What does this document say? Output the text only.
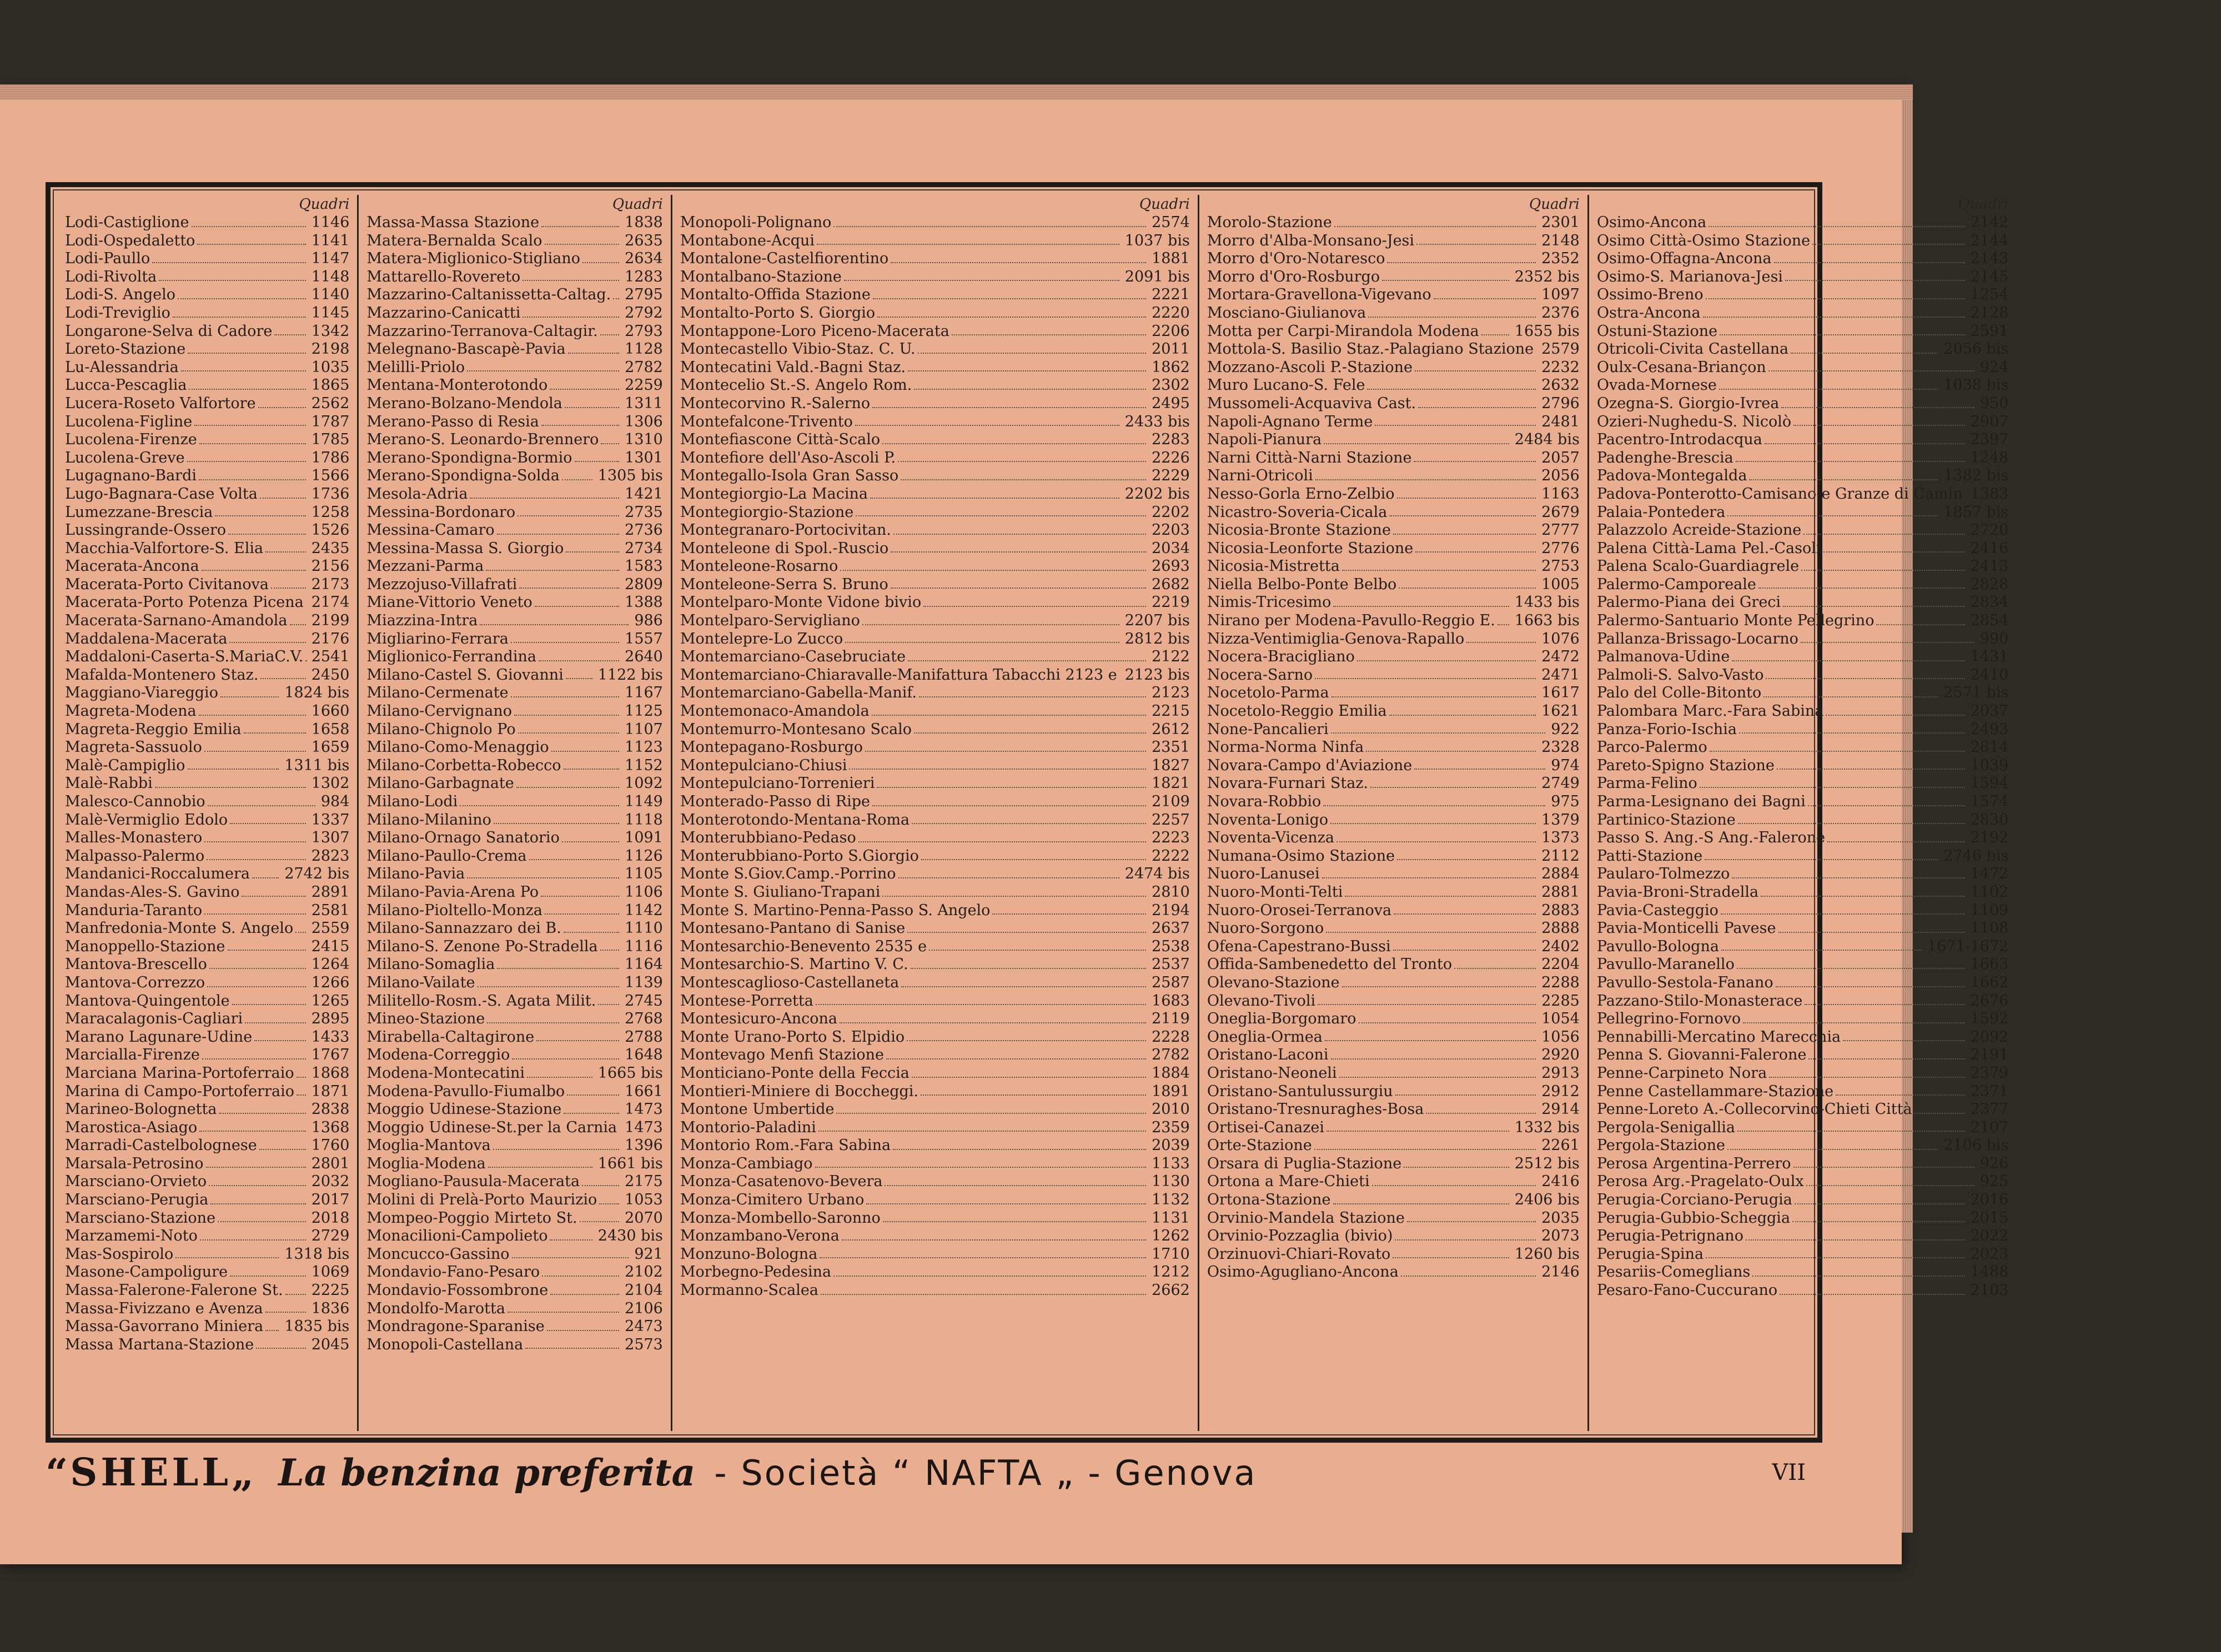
Quadri
Lodi-Castiglione	1146
Lodi-Ospedaletto	1141
Lodi-Paullo	1147
Lodi-Rivolta	1148
Lodi-S. Angelo	1140
Lodi-Treviglio	1145
Longarone-Selva di Cadore	1342
Loreto-Stazione	2198
Lu-Alessandria	1035
Lucca-Pescaglia	1865
Lucera-Roseto Valfortore	2562
Lucolena-Figline	1787
Lucolena-Firenze	1785
Lucolena-Greve	1786
Lugagnano-Bardi	1566
Lugo-Bagnara-Case Volta	1736
Lumezzane-Brescia	1258
Lussingrande-Ossero	1526
Macchia-Valfortore-S. Elia	2435
Macerata-Ancona	2156
Macerata-Porto Civitanova	2173
Macerata-Porto Potenza Picena 2174
Macerata-Sarnano-Amandola 2199
Maddalena-Macerata	2176
Maddaloni-Caserta-S.MariaC.V. 2541
Mafalda-Montenero Staz.	2450
Maggiano-Viareggio	1824 bis
Magreta-Modena	1660
Magreta-Reggio Emilia	1658
Magreta-Sassuolo	1659
Malè-Campiglio	1311 bis
Malè-Rabbi	1302
Malesco-Cannobio	984
Malè-Vermiglio Edolo	1337
Malles-Monastero	1307
Malpasso-Palermo	2823
Mandanici-Roccalumera 2742 bis
Mandas-Ales-S. Gavino	2891
Manduria-Taranto	2581
Manfredonia-Monte S. Angelo 2559
Manoppello-Stazione	2415
Mantova-Brescello	1264
Mantova-Correzzo	1266
Mantova-Quingentole	1265
Maracalagonis-Cagliari	2895
Marano Lagunare-Udine	1433
Marcialla-Firenze	1767
Marciana Marina-Portoferraio 1868
Marina di Campo-Portoferraio 1871
Marineo-Bolognetta	2838
Marostica-Asiago	1368
Marradi-Castelbolognese	1760
Marsala-Petrosino	2801
Marsciano-Orvieto	2032
Marsciano-Perugia	2017
Marsciano-Stazione	2018
Marzamemi-Noto	2729
Mas-Sospirolo	1318 bis
Masone-Campoligure	1069
Massa-Falerone-Falerone St. 2225
Massa-Fivizzano e Avenza	1836
Massa-Gavorrano Miniera 1835 bis
Massa Martana-Stazione	2045
Quadri
Massa-Massa Stazione	1838
Matera-Bernalda Scalo	2635
Matera-Miglionico-Stigliano	2634
Mattarello-Rovereto	1283
Mazzarino-Caltanissetta-Caltag. 2795
Mazzarino-Canicatti	2792
Mazzarino-Terranova-Caltagir. 2793
Melegnano-Bascapè-Pavia	1128
Melilli-Priolo	2782
Mentana-Monterotondo	2259
Merano-Bolzano-Mendola	1311
Merano-Passo di Resia	1306
Merano-S. Leonardo-Brennero 1310
Merano-Spondigna-Bormio	1301
Merano-Spondigna-Solda	1305 bis
Mesola-Adria	1421
Messina-Bordonaro	2735
Messina-Camaro	2736
Messina-Massa S. Giorgio	2734
Mezzani-Parma	1583
Mezzojuso-Villafrati	2809
Miane-Vittorio Veneto	1388
Miazzina-Intra	986
Migliarino-Ferrara	1557
Miglionico-Ferrandina	2640
Milano-Castel S. Giovanni 1122 bis
Milano-Cermenate	1167
Milano-Cervignano	1125
Milano-Chignolo Po	1107
Milano-Como-Menaggio	1123
Milano-Corbetta-Robecco	1152
Milano-Garbagnate	1092
Milano-Lodi	1149
Milano-Milanino	1118
Milano-Ornago Sanatorio	1091
Milano-Paullo-Crema	1126
Milano-Pavia	1105
Milano-Pavia-Arena Po	1106
Milano-Pioltello-Monza	1142
Milano-Sannazzaro dei B.	1110
Milano-S. Zenone Po-Stradella 1116
Milano-Somaglia	1164
Milano-Vailate	1139
Militello-Rosm.-S. Agata Milit. 2745
Mineo-Stazione	2768
Mirabella-Caltagirone	2788
Modena-Correggio	1648
Modena-Montecatini	1665 bis
Modena-Pavullo-Fiumalbo	1661
Moggio Udinese-Stazione	1473
Moggio Udinese-St.per la Carnia 1473
Moglia-Mantova	1396
Moglia-Modena	1661 bis
Mogliano-Pausula-Macerata	2175
Molini di Prelà-Porto Maurizio 1053
Mompeo-Poggio Mirteto St.	2070
Monacilioni-Campolieto	2430 bis
Moncucco-Gassino	921
Mondavio-Fano-Pesaro	2102
Mondavio-Fossombrone	2104
Mondolfo-Marotta	2106
Mondragone-Sparanise	2473
Monopoli-Castellana	2573
Quadri
Monopoli-Polignano	2574
Montabone-Acqui	1037 bis
Montalone-Castelfiorentino	1881
Montalbano-Stazione	2091 bis
Montalto-Offida Stazione	2221
Montalto-Porto S. Giorgio	2220
Montappone-Loro Piceno-Macerata	2206
Montecastello Vibio-Staz. C. U.	2011
Montecatini Vald.-Bagni Staz.	1862
Montecelio St.-S. Angelo Rom.	2302
Montecorvino R.-Salerno	2495
Montefalcone-Trivento	2433 bis
Montefiascone Città-Scalo	2283
Montefiore dell'Aso-Ascoli P.	2226
Montegallo-Isola Gran Sasso	2229
Montegiorgio-La Macina	2202 bis
Montegiorgio-Stazione	2202
Montegranaro-Portocivitan.	2203
Monteleone di Spol.-Ruscio	2034
Monteleone-Rosarno	2693
Monteleone-Serra S. Bruno	2682
Montelparo-Monte Vidone bivio	2219
Montelparo-Servigliano	2207 bis
Montelepre-Lo Zucco	2812 bis
Montemarciano-Casebruciate	2122
Montemarciano-Chiaravalle-Manifattura Tabacchi 2123 e 2123 bis
Montemarciano-Gabella-Manif.	2123
Montemonaco-Amandola	2215
Montemurro-Montesano Scalo	2612
Montepagano-Rosburgo	2351
Montepulciano-Chiusi	1827
Montepulciano-Torrenieri	1821
Monteradо-Passo di Ripe	2109
Monterotondo-Mentana-Roma	2257
Monterubbiano-Pedaso	2223
Monterubbiano-Porto S.Giorgio	2222
Monte S.Giov.Camp.-Porrino	2474 bis
Monte S. Giuliano-Trapani	2810
Monte S. Martino-Penna-Passo S. Angelo	2194
Montesano-Pantano di Sanise	2637
Montesarchio-Benevento 2535 e	2538
Montesarchio-S. Martino V. C.	2537
Montescaglioso-Castellaneta	2587
Montese-Porretta	1683
Montesicuro-Ancona	2119
Monte Urano-Porto S. Elpidio	2228
Montevago Menfi Stazione	2782
Monticiano-Ponte della Feccia	1884
Montieri-Miniere di Boccheggi.	1891
Montone Umbertide	2010
Montorio-Paladini	2359
Montorio Rom.-Fara Sabina	2039
Monza-Cambiago	1133
Monza-Casatenovo-Bevera	1130
Monza-Cimitero Urbano	1132
Monza-Mombello-Saronno	1131
Monzambano-Verona	1262
Monzuno-Bologna	1710
Morbegno-Pedesina	1212
Mormanno-Scalea	2662
Quadri
Morolo-Stazione	2301
Morro d'Alba-Monsano-Jesi	2148
Morro d'Oro-Notaresco	2352
Morro d'Oro-Rosburgo	2352 bis
Mortara-Gravellona-Vigevano	1097
Mosciano-Giulianova	2376
Motta per Carpi-Mirandola Modena 1655 bis
Mottola-S. Basilio Staz.-Palagiano Stazione 2579
Mozzano-Ascoli P.-Stazione	2232
Muro Lucano-S. Fele	2632
Mussomeli-Acquaviva Cast.	2796
Napoli-Agnano Terme	2481
Napoli-Pianura	2484 bis
Narni Città-Narni Stazione	2057
Narni-Otricoli	2056
Nesso-Gorla Erno-Zelbio	1163
Nicastro-Soveria-Cicala	2679
Nicosia-Bronte Stazione	2777
Nicosia-Leonforte Stazione	2776
Nicosia-Mistretta	2753
Niella Belbo-Ponte Belbo	1005
Nimis-Tricesimo	1433 bis
Nirano per Modena-Pavullo-Reggio E. 1663 bis
Nizza-Ventimiglia-Genova-Rapallo	1076
Nocera-Bracigliano	2472
Nocera-Sarno	2471
Nocetolo-Parma	1617
Nocetolo-Reggio Emilia	1621
None-Pancalieri	922
Norma-Norma Ninfa	2328
Novara-Campo d'Aviazione	974
Novara-Furnari Staz.	2749
Novara-Robbio	975
Noventa-Lonigo	1379
Noventa-Vicenza	1373
Numana-Osimo Stazione	2112
Nuoro-Lanusei	2884
Nuoro-Monti-Telti	2881
Nuoro-Orosei-Terranova	2883
Nuoro-Sorgono	2888
Ofena-Capestrano-Bussi	2402
Offida-Sambenedetto del Tronto	2204
Olevano-Stazione	2288
Olevano-Tivoli	2285
Oneglia-Borgomaro	1054
Oneglia-Ormea	1056
Oristano-Laconi	2920
Oristano-Neoneli	2913
Oristano-Santulussurgiu	2912
Oristano-Tresnuraghes-Bosa	2914
Ortisei-Canazei	1332 bis
Orte-Stazione	2261
Orsara di Puglia-Stazione	2512 bis
Ortona a Mare-Chieti	2416
Ortona-Stazione	2406 bis
Orvinio-Mandela Stazione	2035
Orvinio-Pozzaglia (bivio)	2073
Orzinuovi-Chiari-Rovato	1260 bis
Osimo-Agugliano-Ancona	2146
Quadri
Osimo-Ancona	2142
Osimo Città-Osimo Stazione	2144
Osimo-Offagna-Ancona	2143
Osimo-S. Marianova-Jesi	2145
Ossimo-Breno	1254
Ostra-Ancona	2128
Ostuni-Stazione	2591
Otricoli-Civita Castellana	2056 bis
Oulx-Cesana-Briançon	924
Ovada-Mornese	1038 bis
Ozegna-S. Giorgio-Ivrea	950
Ozieri-Nughedu-S. Nicolò	2907
Pacentro-Introdacqua	2397
Padenghe-Brescia	1248
Padova-Montegalda	1382 bis
Padova-Ponterotto-Camisano-e Granze di Camin 1383
Palaia-Pontedera	1857 bis
Palazzolo Acreide-Stazione	2720
Palena Città-Lama Pel.-Casoli	2416
Palena Scalo-Guardiagrele	2413
Palermo-Camporeale	2828
Palermo-Piana dei Greci	2834
Palermo-Santuario Monte Pellegrino	2854
Pallanza-Brissago-Locarno	990
Palmanova-Udine	1431
Palmoli-S. Salvo-Vasto	2410
Palo del Colle-Bitonto	2571 bis
Palombara Marc.-Fara Sabina	2037
Panza-Forio-Ischia	2493
Parco-Palermo	2814
Pareto-Spigno Stazione	1039
Parma-Felino	1594
Parma-Lesignano dei Bagni	1574
Partinico-Stazione	2830
Passo S. Ang.-S Ang.-Falerone	2192
Patti-Stazione	2746 bis
Paularo-Tolmezzo	1472
Pavia-Broni-Stradella	1102
Pavia-Casteggio	1109
Pavia-Monticelli Pavese	1108
Pavullo-Bologna	1671-1672
Pavullo-Maranello	1663
Pavullo-Sestola-Fanano	1662
Pazzano-Stilo-Monasterace	2676
Pellegrino-Fornovo	1592
Pennabilli-Mercatino Marecchia	2092
Penna S. Giovanni-Falerone	2191
Penne-Carpineto Nora	2379
Penne Castellammare-Stazione	2371
Penne-Loreto A.-Collecorvino-Chieti Città	2377
Pergola-Senigallia	2107
Pergola-Stazione	2106 bis
Perosa Argentina-Perrero	926
Perosa Arg.-Pragelato-Oulx	925
Perugia-Corciano-Perugia	2016
Perugia-Gubbio-Scheggia	2015
Perugia-Petrignano	2022
Perugia-Spina	2023
Pesariis-Comeglians	1488
Pesaro-Fano-Cuccurano	2103
“ SHELL „ La benzina preferita - Società “ NAFTA „ - Genova	VII
